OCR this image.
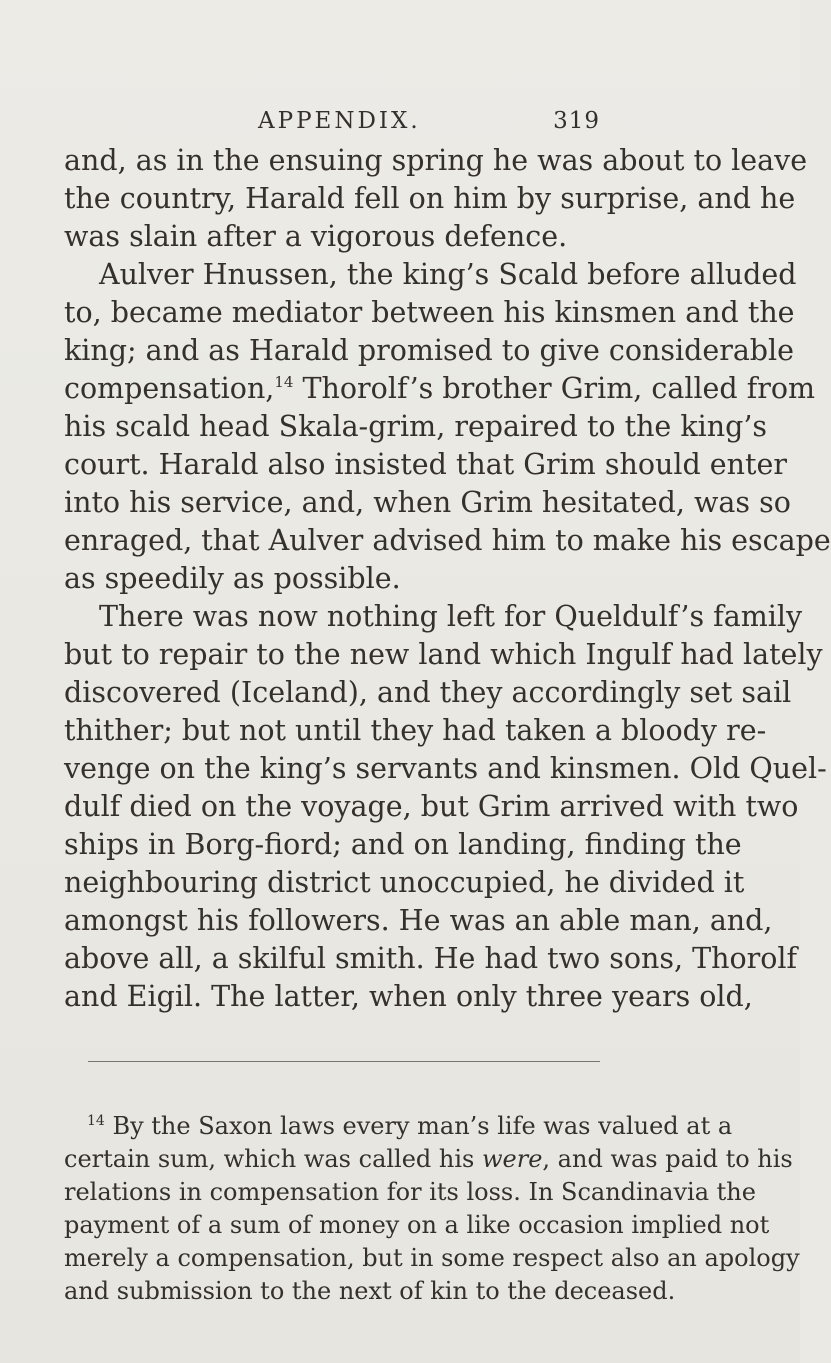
APPENDIX.	319
and, as in the ensuing spring he was about to leave
the country, Harald fell on him by surprise, and he
was slain after a vigorous defence.
Aulver Hnussen, the king’s Scald before alluded
to, became mediator between his kinsmen and the
king; and as Harald promised to give considerable
compensation,$^{14}$ Thorolf’s brother Grim, called from
his scald head Skala-grim, repaired to the king’s
court. Harald also insisted that Grim should enter
into his service, and, when Grim hesitated, was so
enraged, that Aulver advised him to make his escape
as speedily as possible.
There was now nothing left for Queldulf’s family
but to repair to the new land which Ingulf had lately
discovered (Iceland), and they accordingly set sail
thither; but not until they had taken a bloody re-
venge on the king’s servants and kinsmen. Old Quel-
dulf died on the voyage, but Grim arrived with two
ships in Borg-fiord; and on landing, finding the
neighbouring district unoccupied, he divided it
amongst his followers. He was an able man, and,
above all, a skilful smith. He had two sons, Thorolf
and Eigil. The latter, when only three years old,
$^{14}$ By the Saxon laws every man’s life was valued at a
certain sum, which was called his were, and was paid to his
relations in compensation for its loss. In Scandinavia the
payment of a sum of money on a like occasion implied not
merely a compensation, but in some respect also an apology
and submission to the next of kin to the deceased.
